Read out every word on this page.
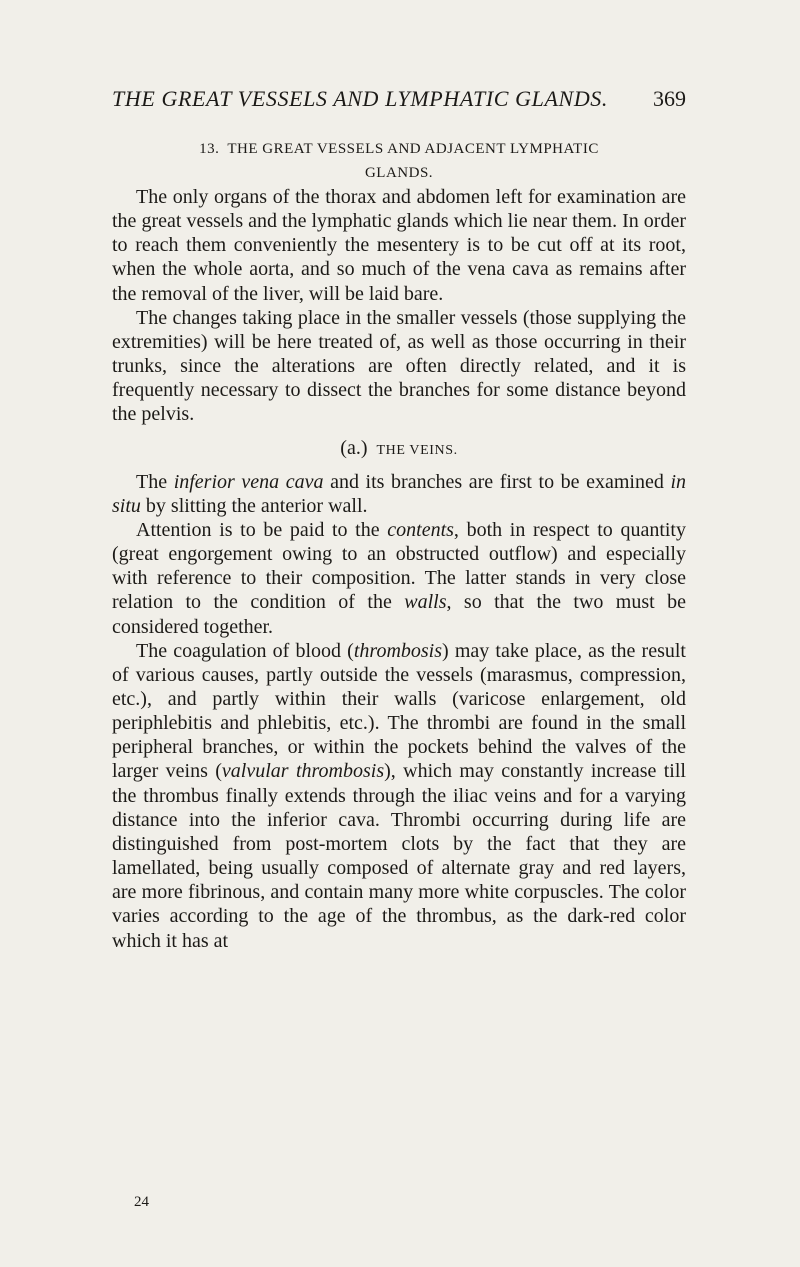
THE GREAT VESSELS AND LYMPHATIC GLANDS. 369
13. THE GREAT VESSELS AND ADJACENT LYMPHATIC
GLANDS.

The only organs of the thorax and abdomen left for examination are the great vessels and the lymphatic glands which lie near them. In order to reach them conveniently the mesentery is to be cut off at its root, when the whole aorta, and so much of the vena cava as remains after the removal of the liver, will be laid bare.

The changes taking place in the smaller vessels (those supplying the extremities) will be here treated of, as well as those occurring in their trunks, since the alterations are often directly related, and it is frequently necessary to dissect the branches for some distance beyond the pelvis.

(a.) THE VEINS.

The inferior vena cava and its branches are first to be examined in situ by slitting the anterior wall.

Attention is to be paid to the contents, both in respect to quantity (great engorgement owing to an obstructed outflow) and especially with reference to their composition. The latter stands in very close relation to the condition of the walls, so that the two must be considered together.

The coagulation of blood (thrombosis) may take place, as the result of various causes, partly outside the vessels (marasmus, compression, etc.), and partly within their walls (varicose enlargement, old periphlebitis and phlebitis, etc.). The thrombi are found in the small peripheral branches, or within the pockets behind the valves of the larger veins (valvular thrombosis), which may constantly increase till the thrombus finally extends through the iliac veins and for a varying distance into the inferior cava. Thrombi occurring during life are distinguished from post-mortem clots by the fact that they are lamellated, being usually composed of alternate gray and red layers, are more fibrinous, and contain many more white corpuscles. The color varies according to the age of the thrombus, as the dark-red color which it has at

24
